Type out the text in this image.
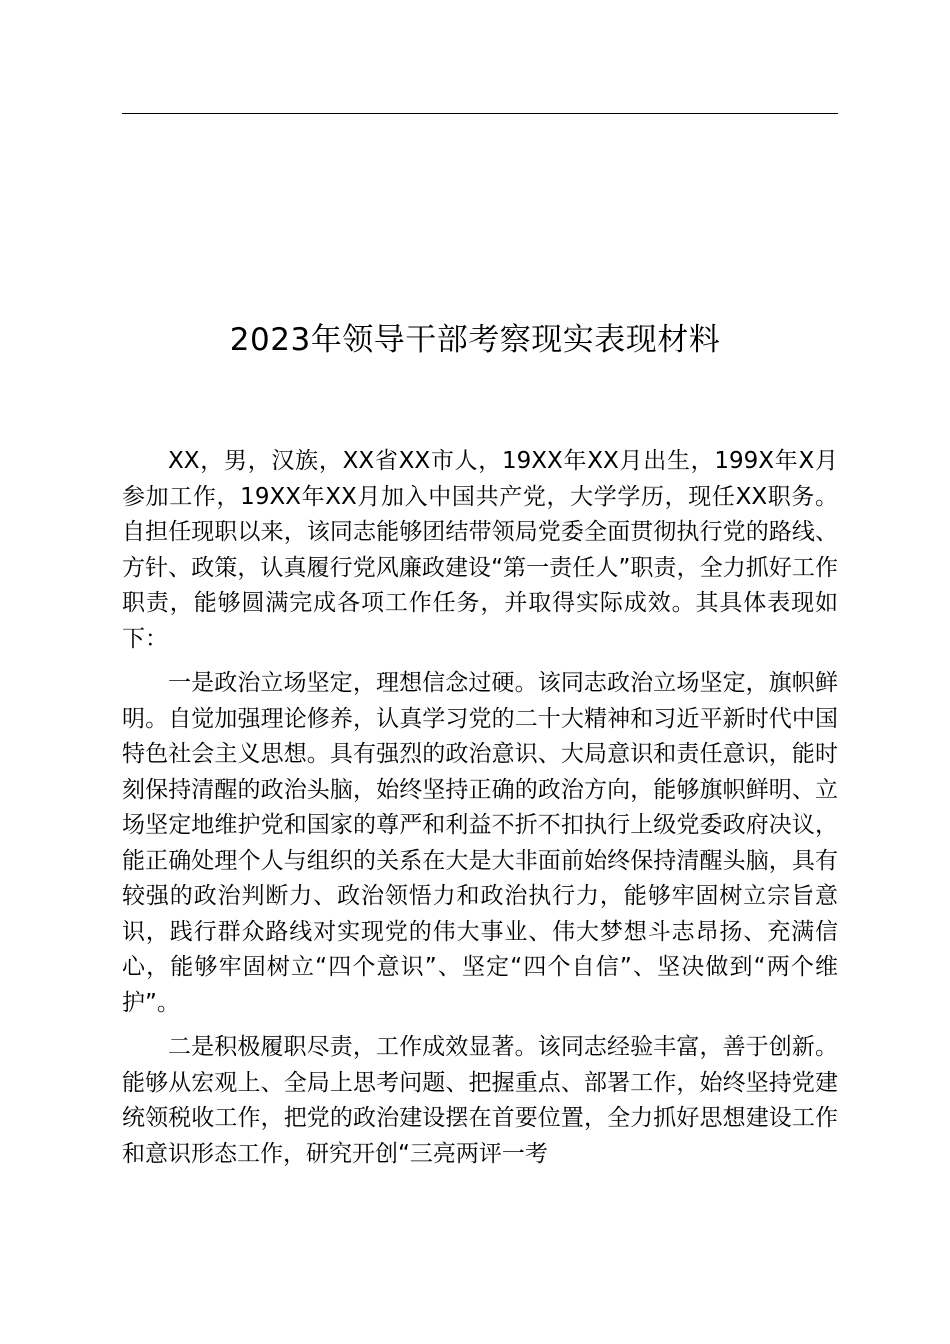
2023年领导干部考察现实表现材料

XX，男，汉族，XX省XX市人，19XX年XX月出生，199X年X月参加工作，19XX年XX月加入中国共产党，大学学历，现任XX职务。自担任现职以来，该同志能够团结带领局党委全面贯彻执行党的路线、方针、政策，认真履行党风廉政建设“第一责任人”职责，全力抓好工作职责，能够圆满完成各项工作任务，并取得实际成效。其具体表现如下：

一是政治立场坚定，理想信念过硬。该同志政治立场坚定，旗帜鲜明。自觉加强理论修养，认真学习党的二十大精神和习近平新时代中国特色社会主义思想。具有强烈的政治意识、大局意识和责任意识，能时刻保持清醒的政治头脑，始终坚持正确的政治方向，能够旗帜鲜明、立场坚定地维护党和国家的尊严和利益不折不扣执行上级党委政府决议，能正确处理个人与组织的关系在大是大非面前始终保持清醒头脑，具有较强的政治判断力、政治领悟力和政治执行力，能够牢固树立宗旨意识，践行群众路线对实现党的伟大事业、伟大梦想斗志昂扬、充满信心，能够牢固树立“四个意识”、坚定“四个自信”、坚决做到“两个维护”。

二是积极履职尽责，工作成效显著。该同志经验丰富，善于创新。能够从宏观上、全局上思考问题、把握重点、部署工作，始终坚持党建统领税收工作，把党的政治建设摆在首要位置，全力抓好思想建设工作和意识形态工作，研究开创“三亮两评一考
